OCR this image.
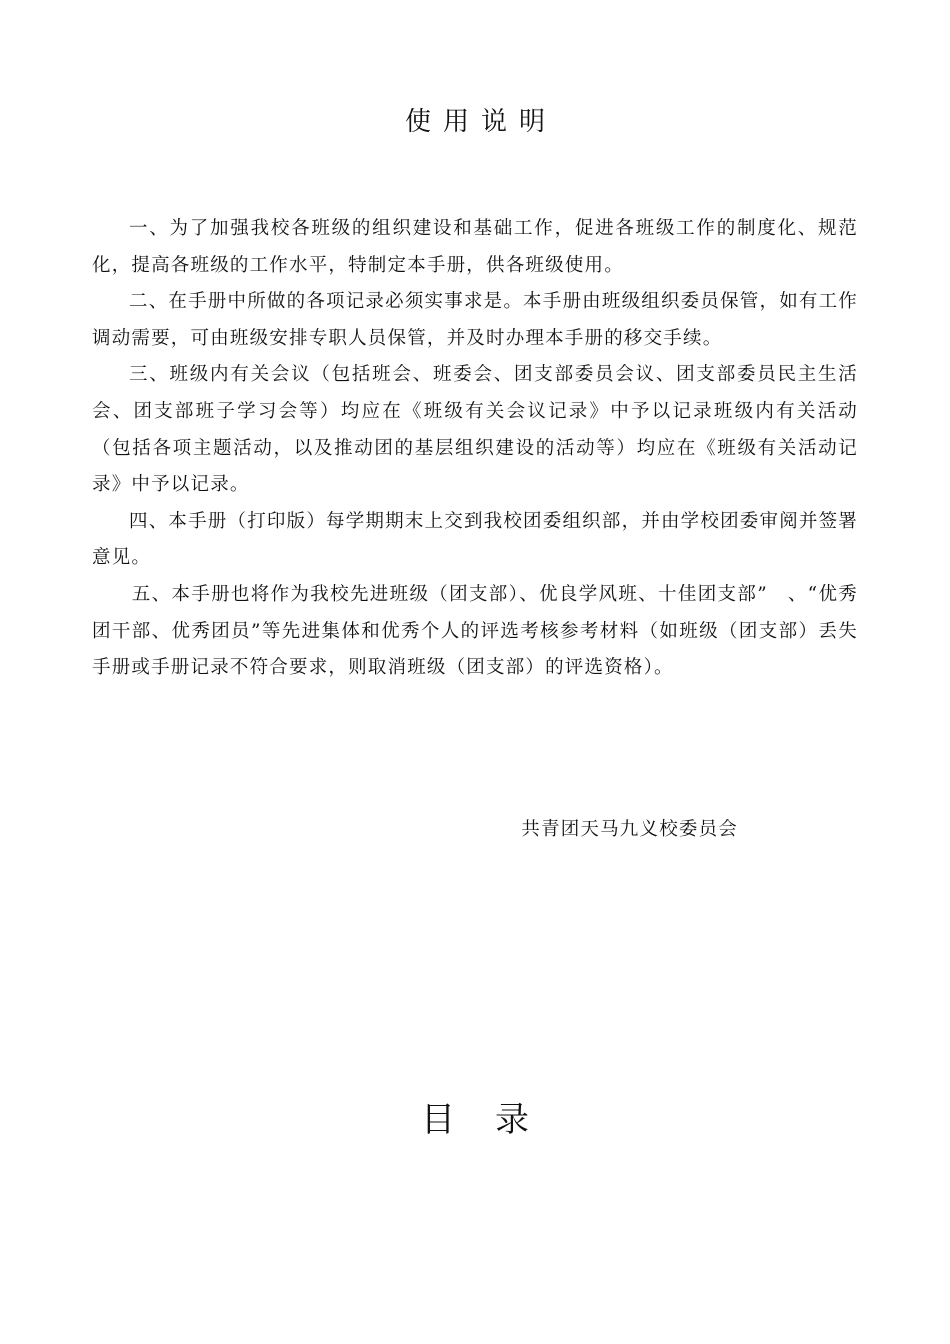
使用说明

一、为了加强我校各班级的组织建设和基础工作，促进各班级工作的制度化、规范化，提高各班级的工作水平，特制定本手册，供各班级使用。

二、在手册中所做的各项记录必须实事求是。本手册由班级组织委员保管，如有工作调动需要，可由班级安排专职人员保管，并及时办理本手册的移交手续。

三、班级内有关会议（包括班会、班委会、团支部委员会议、团支部委员民主生活会、团支部班子学习会等）均应在《班级有关会议记录》中予以记录班级内有关活动（包括各项主题活动，以及推动团的基层组织建设的活动等）均应在《班级有关活动记录》中予以记录。

四、本手册（打印版）每学期期末上交到我校团委组织部，并由学校团委审阅并签署意见。

五、本手册也将作为我校先进班级（团支部）、优良学风班、十佳团支部”　、“优秀团干部、优秀团员”等先进集体和优秀个人的评选考核参考材料（如班级（团支部）丢失手册或手册记录不符合要求，则取消班级（团支部）的评选资格）。

共青团天马九义校委员会

目录
